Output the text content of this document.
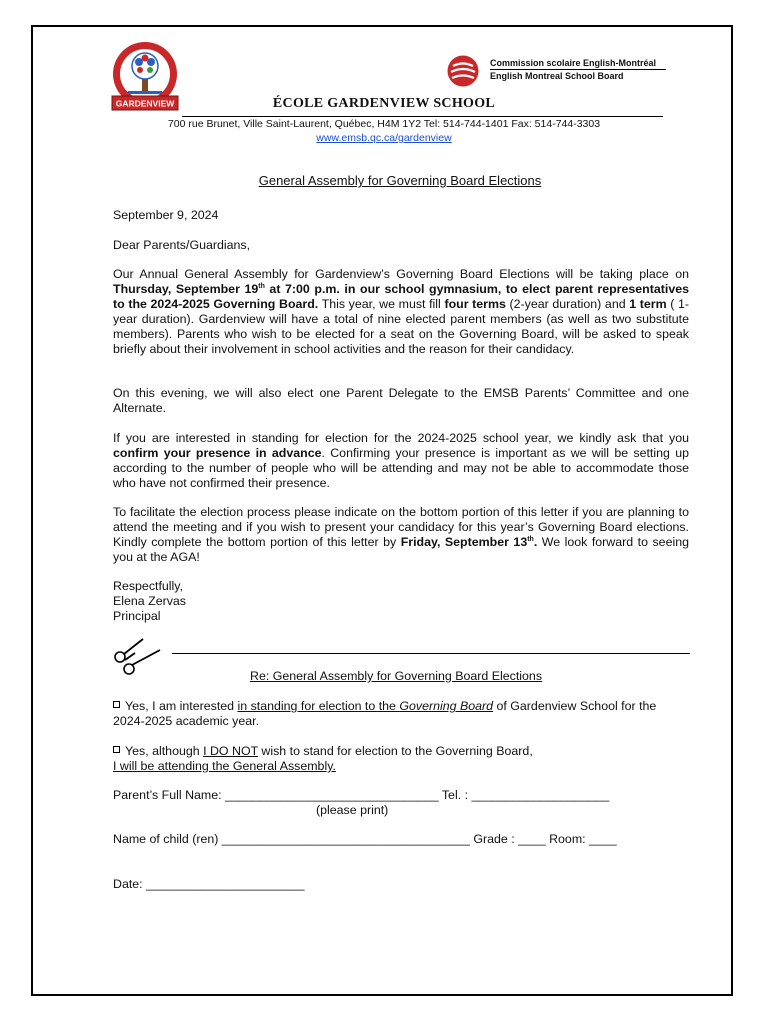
GARDENVIEW
Commission scolaire English-Montréal
English Montreal School Board
ÉCOLE GARDENVIEW SCHOOL
700 rue Brunet, Ville Saint-Laurent, Québec, H4M 1Y2 Tel: 514-744-1401 Fax: 514-744-3303
www.emsb.qc.ca/gardenview
General Assembly for Governing Board Elections
September 9, 2024
Dear Parents/Guardians,
Our Annual General Assembly for Gardenview’s Governing Board Elections will be taking place on Thursday, September 19th at 7:00 p.m. in our school gymnasium, to elect parent representatives to the 2024-2025 Governing Board. This year, we must fill four terms (2-year duration) and 1 term ( 1-year duration). Gardenview will have a total of nine elected parent members (as well as two substitute members). Parents who wish to be elected for a seat on the Governing Board, will be asked to speak briefly about their involvement in school activities and the reason for their candidacy.
On this evening, we will also elect one Parent Delegate to the EMSB Parents’ Committee and one Alternate.
If you are interested in standing for election for the 2024-2025 school year, we kindly ask that you confirm your presence in advance. Confirming your presence is important as we will be setting up according to the number of people who will be attending and may not be able to accommodate those who have not confirmed their presence.
To facilitate the election process please indicate on the bottom portion of this letter if you are planning to attend the meeting and if you wish to present your candidacy for this year’s Governing Board elections. Kindly complete the bottom portion of this letter by Friday, September 13th. We look forward to seeing you at the AGA!
Respectfully,
Elena Zervas
Principal
Re: General Assembly for Governing Board Elections
Yes, I am interested in standing for election to the Governing Board of Gardenview School for the 2024-2025 academic year.
Yes, although I DO NOT wish to stand for election to the Governing Board,
I will be attending the General Assembly.
Parent’s Full Name: _______________________________ Tel. : ____________________
(please print)
Name of child (ren) ____________________________________ Grade : ____ Room: ____
Date: _______________________
